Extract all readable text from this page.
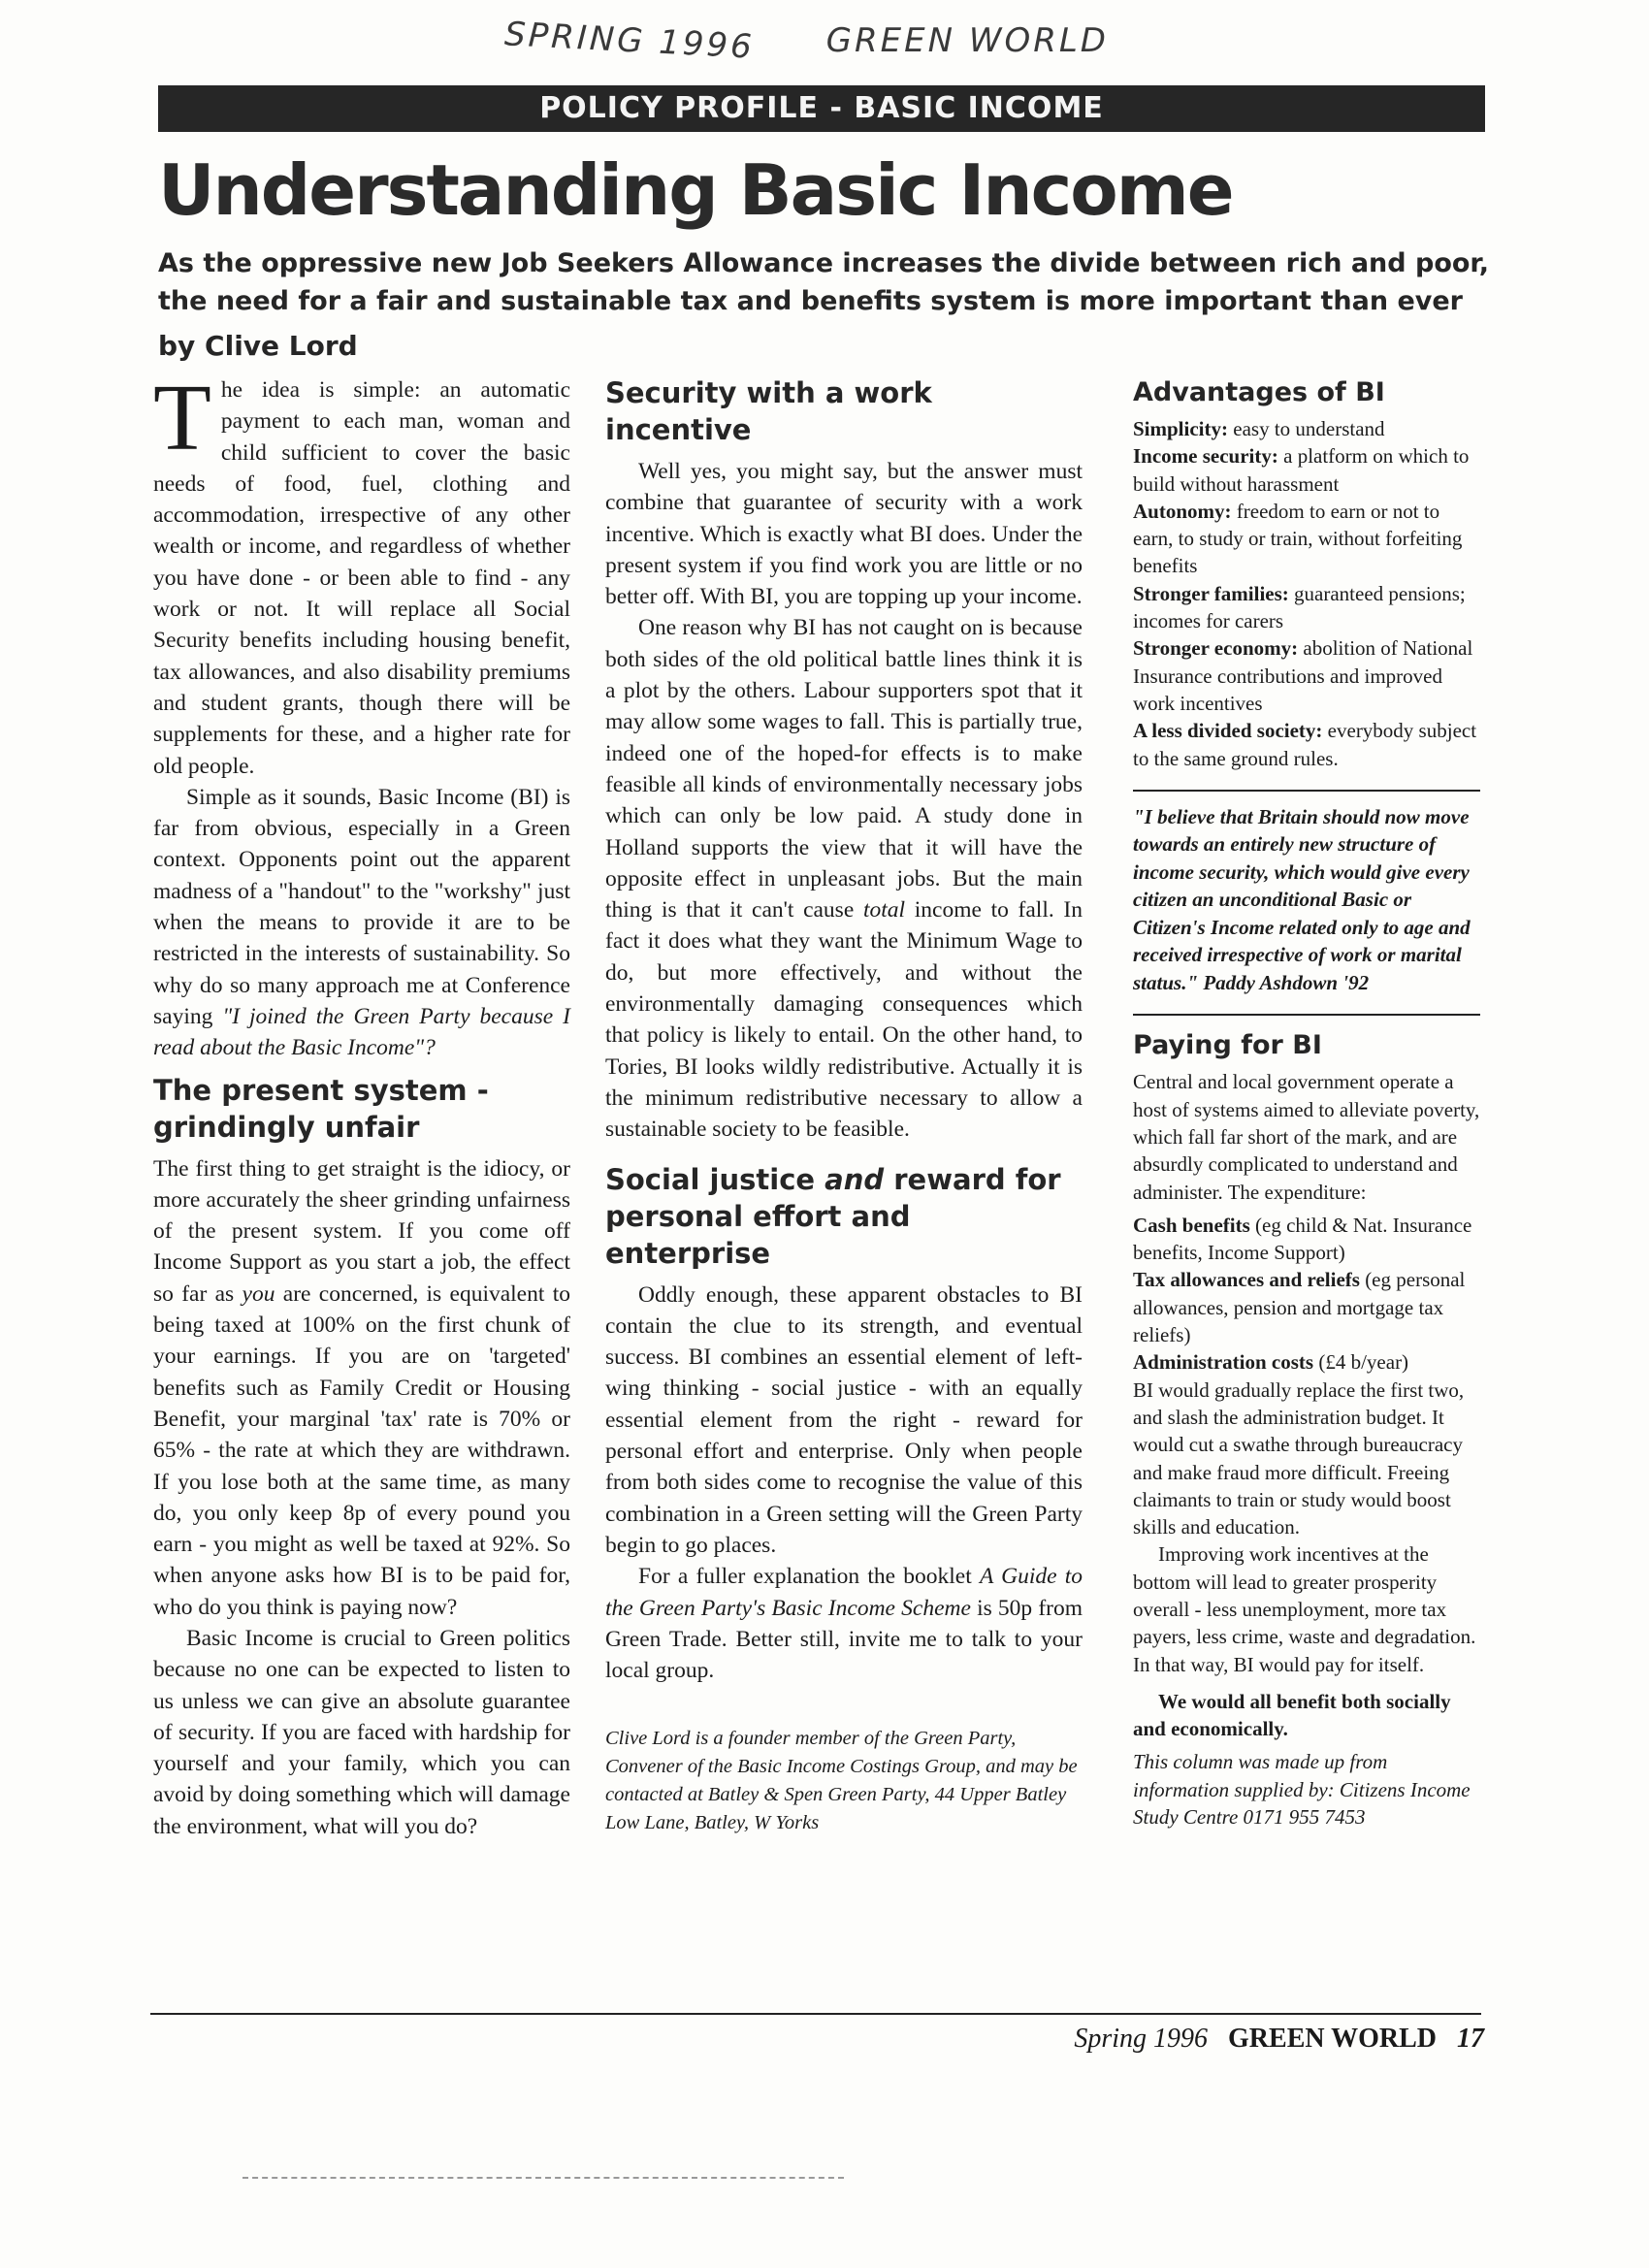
SPRING 1996 GREEN WORLD
POLICY PROFILE - BASIC INCOME
Understanding Basic Income

As the oppressive new Job Seekers Allowance increases the divide between rich and poor, the need for a fair and sustainable tax and benefits system is more important than ever

by Clive Lord

The idea is simple: an automatic payment to each man, woman and child sufficient to cover the basic needs of food, fuel, clothing and accommodation, irrespective of any other wealth or income, and regardless of whether you have done - or been able to find - any work or not. It will replace all Social Security benefits including housing benefit, tax allowances, and also disability premiums and student grants, though there will be supplements for these, and a higher rate for old people.

Simple as it sounds, Basic Income (BI) is far from obvious, especially in a Green context. Opponents point out the apparent madness of a "handout" to the "workshy" just when the means to provide it are to be restricted in the interests of sustainability. So why do so many approach me at Conference saying "I joined the Green Party because I read about the Basic Income"?

The present system - grindingly unfair

The first thing to get straight is the idiocy, or more accurately the sheer grinding unfairness of the present system. If you come off Income Support as you start a job, the effect so far as you are concerned, is equivalent to being taxed at 100% on the first chunk of your earnings. If you are on 'targeted' benefits such as Family Credit or Housing Benefit, your marginal 'tax' rate is 70% or 65% - the rate at which they are withdrawn. If you lose both at the same time, as many do, you only keep 8p of every pound you earn - you might as well be taxed at 92%. So when anyone asks how BI is to be paid for, who do you think is paying now?

Basic Income is crucial to Green politics because no one can be expected to listen to us unless we can give an absolute guarantee of security. If you are faced with hardship for yourself and your family, which you can avoid by doing something which will damage the environment, what will you do?

Security with a work incentive

Well yes, you might say, but the answer must combine that guarantee of security with a work incentive. Which is exactly what BI does. Under the present system if you find work you are little or no better off. With BI, you are topping up your income.

One reason why BI has not caught on is because both sides of the old political battle lines think it is a plot by the others. Labour supporters spot that it may allow some wages to fall. This is partially true, indeed one of the hoped-for effects is to make feasible all kinds of environmentally necessary jobs which can only be low paid. A study done in Holland supports the view that it will have the opposite effect in unpleasant jobs. But the main thing is that it can't cause total income to fall. In fact it does what they want the Minimum Wage to do, but more effectively, and without the environmentally damaging consequences which that policy is likely to entail. On the other hand, to Tories, BI looks wildly redistributive. Actually it is the minimum redistributive necessary to allow a sustainable society to be feasible.

Social justice and reward for personal effort and enterprise

Oddly enough, these apparent obstacles to BI contain the clue to its strength, and eventual success. BI combines an essential element of left-wing thinking - social justice - with an equally essential element from the right - reward for personal effort and enterprise. Only when people from both sides come to recognise the value of this combination in a Green setting will the Green Party begin to go places.

For a fuller explanation the booklet A Guide to the Green Party's Basic Income Scheme is 50p from Green Trade. Better still, invite me to talk to your local group.

Clive Lord is a founder member of the Green Party, Convener of the Basic Income Costings Group, and may be contacted at Batley & Spen Green Party, 44 Upper Batley Low Lane, Batley, W Yorks

Advantages of BI

Simplicity: easy to understand

Income security: a platform on which to build without harassment

Autonomy: freedom to earn or not to earn, to study or train, without forfeiting benefits

Stronger families: guaranteed pensions; incomes for carers

Stronger economy: abolition of National Insurance contributions and improved work incentives

A less divided society: everybody subject to the same ground rules.

"I believe that Britain should now move towards an entirely new structure of income security, which would give every citizen an unconditional Basic or Citizen's Income related only to age and received irrespective of work or marital status." Paddy Ashdown '92

Paying for BI

Central and local government operate a host of systems aimed to alleviate poverty, which fall far short of the mark, and are absurdly complicated to understand and administer. The expenditure:

Cash benefits (eg child & Nat. Insurance benefits, Income Support)

Tax allowances and reliefs (eg personal allowances, pension and mortgage tax reliefs)

Administration costs (£4 b/year)

BI would gradually replace the first two, and slash the administration budget. It would cut a swathe through bureaucracy and make fraud more difficult. Freeing claimants to train or study would boost skills and education.

Improving work incentives at the bottom will lead to greater prosperity overall - less unemployment, more tax payers, less crime, waste and degradation. In that way, BI would pay for itself.

We would all benefit both socially and economically.

This column was made up from information supplied by: Citizens Income Study Centre 0171 955 7453

Spring 1996 GREEN WORLD 17
